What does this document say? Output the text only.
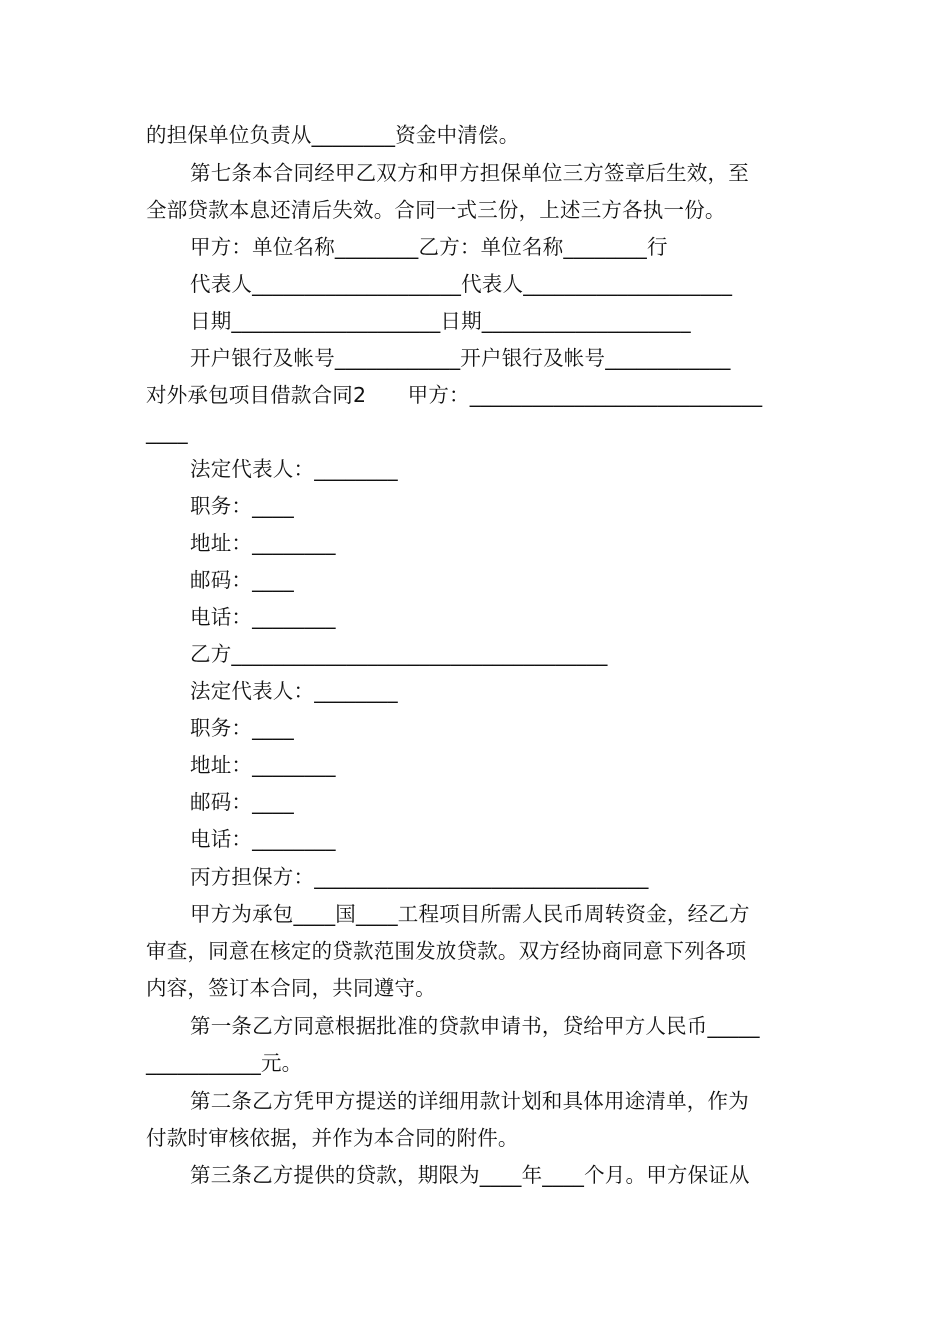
的担保单位负责从________资金中清偿。
第七条本合同经甲乙双方和甲方担保单位三方签章后生效，至
全部贷款本息还清后失效。合同一式三份，上述三方各执一份。
甲方：单位名称________乙方：单位名称________行
代表人____________________代表人____________________
日期____________________日期____________________
开户银行及帐号____________开户银行及帐号____________
对外承包项目借款合同2　　甲方：____________________________
____
法定代表人：________
职务：____
地址：________
邮码：____
电话：________
乙方____________________________________
法定代表人：________
职务：____
地址：________
邮码：____
电话：________
丙方担保方：________________________________
甲方为承包____国____工程项目所需人民币周转资金，经乙方
审查，同意在核定的贷款范围发放贷款。双方经协商同意下列各项
内容，签订本合同，共同遵守。
第一条乙方同意根据批准的贷款申请书，贷给甲方人民币_____
___________元。
第二条乙方凭甲方提送的详细用款计划和具体用途清单，作为
付款时审核依据，并作为本合同的附件。
第三条乙方提供的贷款，期限为____年____个月。甲方保证从
